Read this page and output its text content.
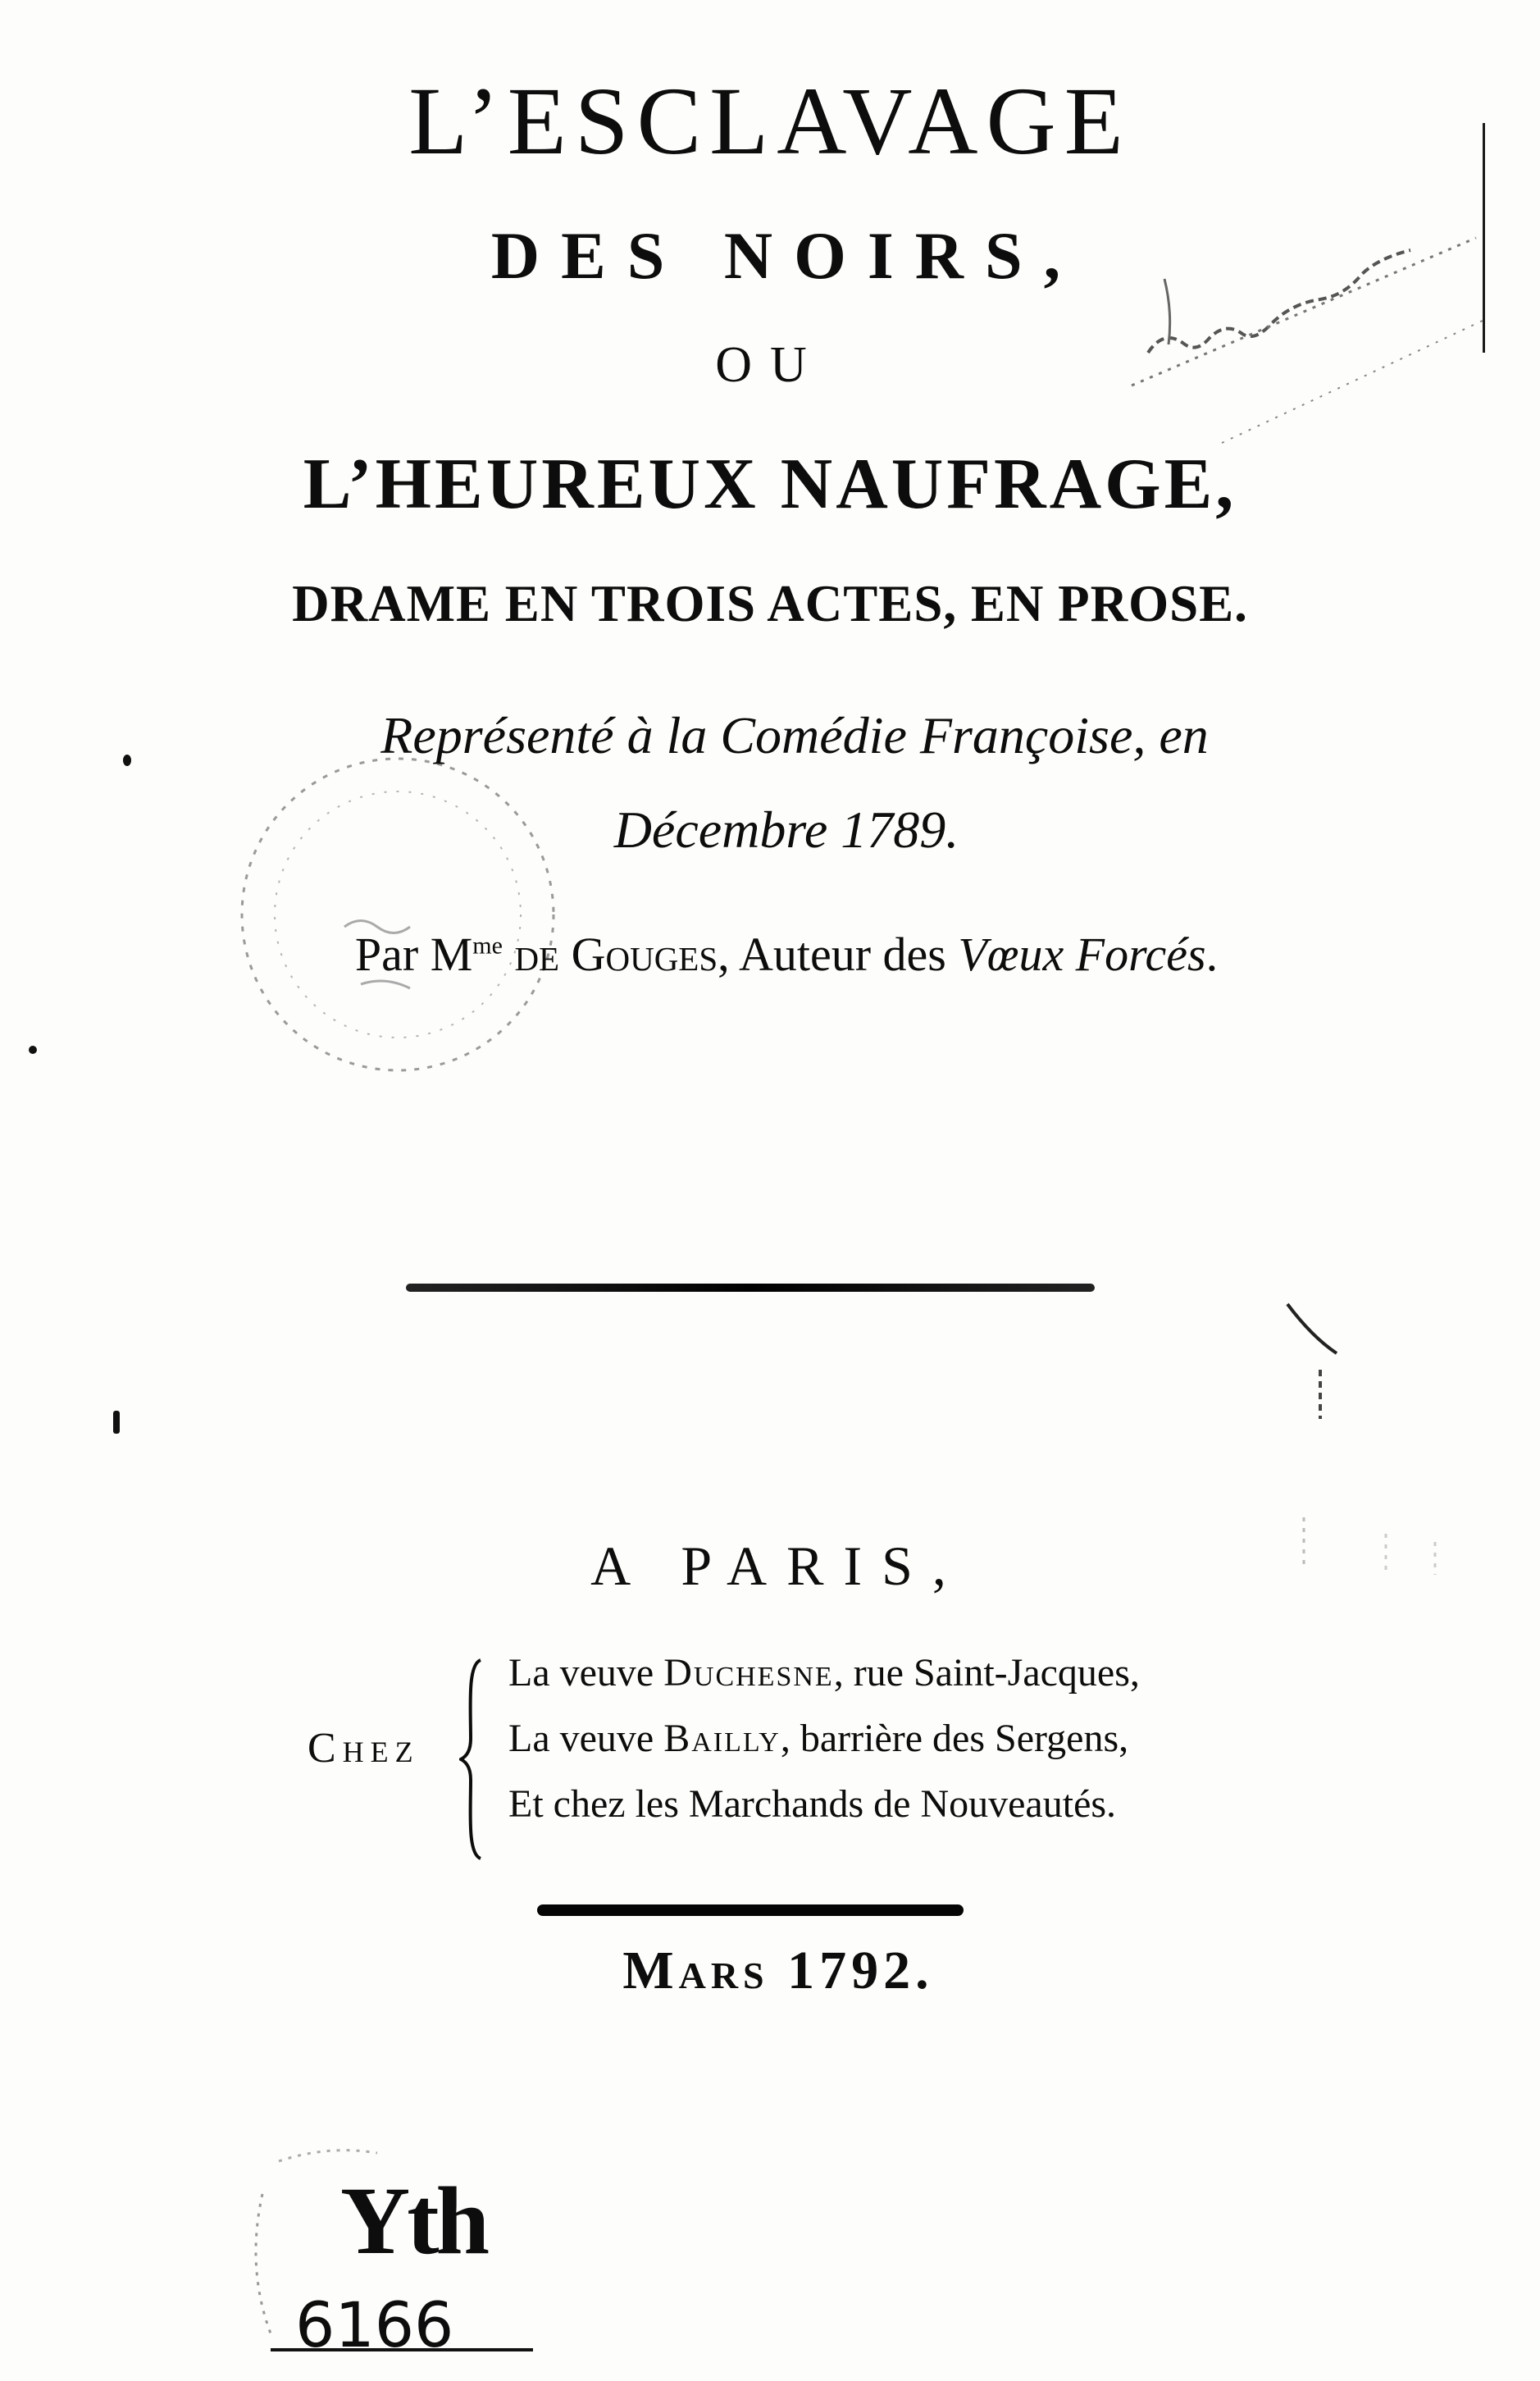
L’ESCLAVAGE
DES NOIRS,
OU
L’HEUREUX NAUFRAGE,
DRAME EN TROIS ACTES, EN PROSE.
Représenté à la Comédie Françoise, en
Décembre 1789.
Par $M^{me}$ de Gouges, Auteur des Vœux Forcés.
A PARIS,
Chez
La veuve Duchesne, rue Saint-Jacques,
La veuve Bailly, barrière des Sergens,
Et chez les Marchands de Nouveautés.
Mars 1792.
Yth
6166
